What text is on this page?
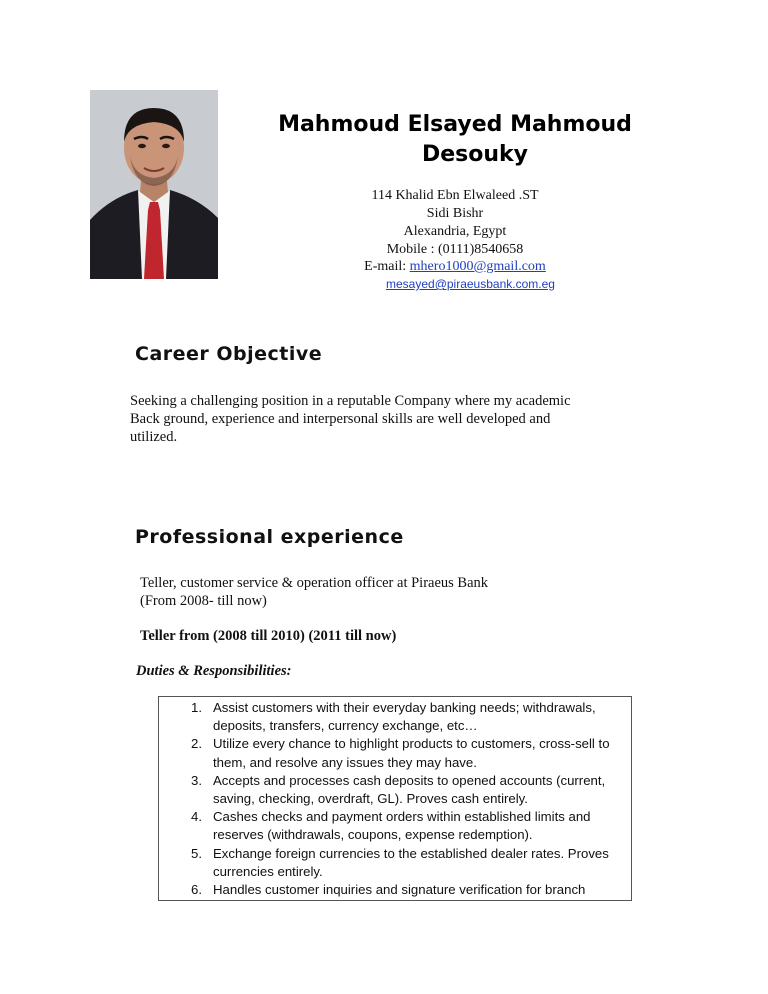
Mahmoud Elsayed Mahmoud
Desouky
114 Khalid Ebn Elwaleed .ST
Sidi Bishr
Alexandria, Egypt
Mobile : (0111)8540658
E-mail: mhero1000@gmail.com
mesayed@piraeusbank.com.eg
Career Objective
Seeking a challenging position in a reputable Company where my academic
Back ground, experience and interpersonal skills are well developed and
utilized.
Professional experience
Teller, customer service & operation officer at Piraeus Bank
(From 2008- till now)
Teller from (2008 till 2010) (2011 till now)
Duties & Responsibilities:
1. Assist customers with their everyday banking needs; withdrawals, deposits, transfers, currency exchange, etc…
2. Utilize every chance to highlight products to customers, cross-sell to them, and resolve any issues they may have.
3. Accepts and processes cash deposits to opened accounts (current, saving, checking, overdraft, GL). Proves cash entirely.
4. Cashes checks and payment orders within established limits and reserves (withdrawals, coupons, expense redemption).
5. Exchange foreign currencies to the established dealer rates. Proves currencies entirely.
6. Handles customer inquiries and signature verification for branch
